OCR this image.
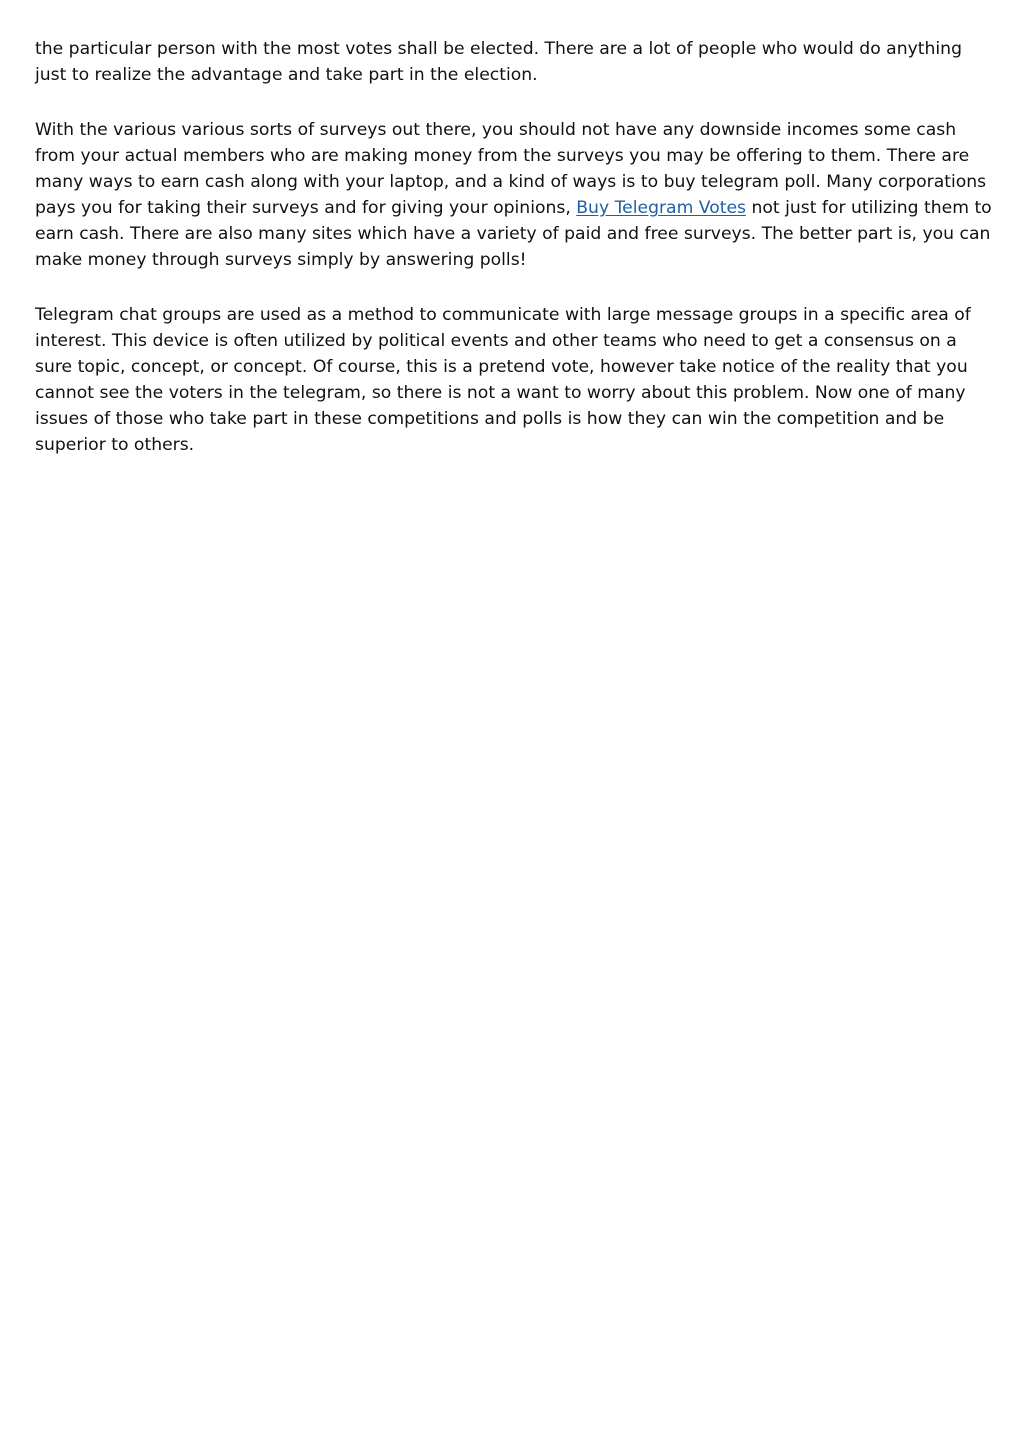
the particular person with the most votes shall be elected. There are a lot of people who would do anything just to realize the advantage and take part in the election.

With the various various sorts of surveys out there, you should not have any downside incomes some cash from your actual members who are making money from the surveys you may be offering to them. There are many ways to earn cash along with your laptop, and a kind of ways is to buy telegram poll. Many corporations pays you for taking their surveys and for giving your opinions, Buy Telegram Votes not just for utilizing them to earn cash. There are also many sites which have a variety of paid and free surveys. The better part is, you can make money through surveys simply by answering polls!

Telegram chat groups are used as a method to communicate with large message groups in a specific area of interest. This device is often utilized by political events and other teams who need to get a consensus on a sure topic, concept, or concept. Of course, this is a pretend vote, however take notice of the reality that you cannot see the voters in the telegram, so there is not a want to worry about this problem. Now one of many issues of those who take part in these competitions and polls is how they can win the competition and be superior to others.
